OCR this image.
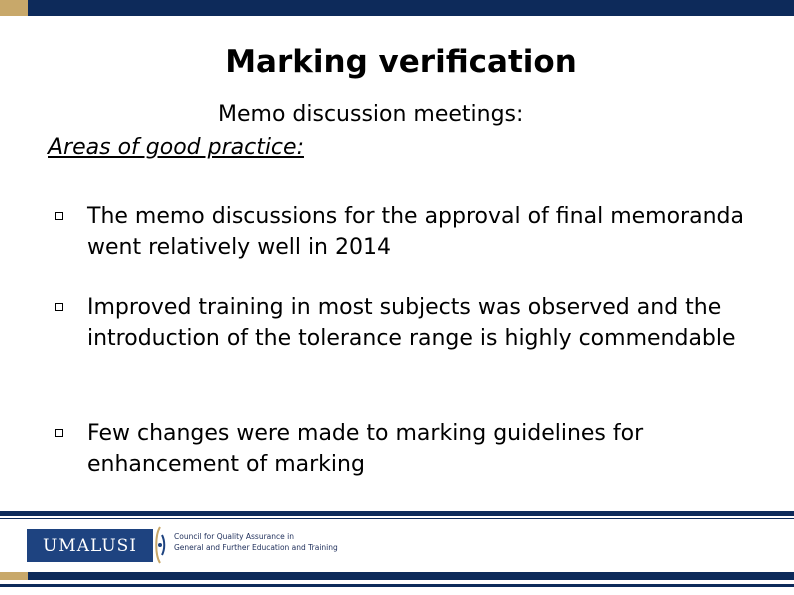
Marking verification
Memo discussion meetings:
Areas of good practice:
The memo discussions for the approval of final memoranda went relatively well in 2014
Improved training in most subjects was observed and the introduction of the tolerance range is highly commendable
Few changes were made to marking guidelines for enhancement of marking
UMALUSI	Council for Quality Assurance in
General and Further Education and Training
